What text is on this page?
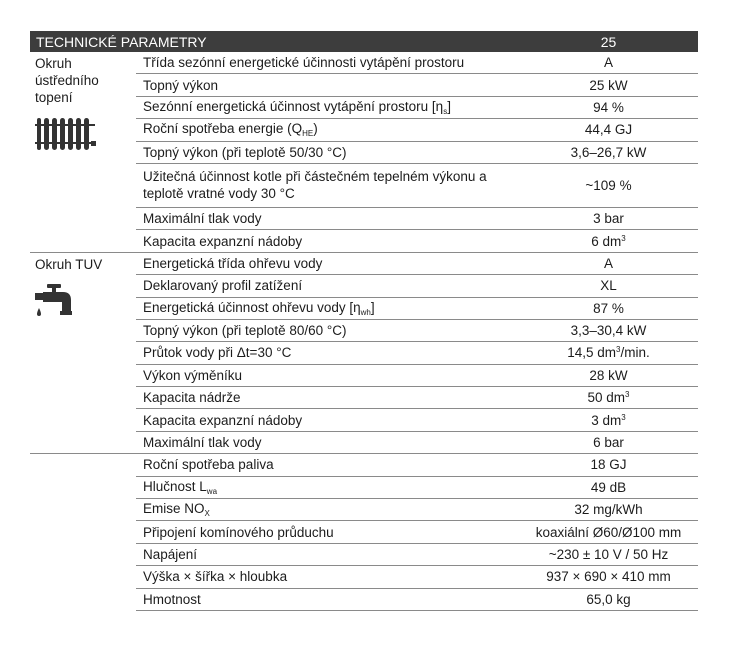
TECHNICKÉ PARAMETRY		25

Okruh ústředního topení	Třída sezónní energetické účinnosti vytápění prostoru	A
	Topný výkon	25 kW
	Sezónní energetická účinnost vytápění prostoru $[\eta_s]$	94 %
	Roční spotřeba energie $(Q_{HE})$	44,4 GJ
	Topný výkon (při teplotě 50/30 °C)	3,6–26,7 kW
	Užitečná účinnost kotle při částečném tepelném výkonu a teplotě vratné vody 30 °C	~109 %
	Maximální tlak vody	3 bar
	Kapacita expanzní nádoby	6 $dm^3$

Okruh TUV	Energetická třída ohřevu vody	A
	Deklarovaný profil zatížení	XL
	Energetická účinnost ohřevu vody $[\eta_{wh}]$	87 %
	Topný výkon (při teplotě 80/60 °C)	3,3–30,4 kW
	Průtok vody při Δt=30 °C	14,5 $dm^3/\min$.
	Výkon výměníku	28 kW
	Kapacita nádrže	50 $dm^3$
	Kapacita expanzní nádoby	3 $dm^3$
	Maximální tlak vody	6 bar
	Roční spotřeba paliva	18 GJ
	Hlučnost $L_{wa}$	49 dB
	Emise $NO_X$	32 mg/kWh
	Připojení komínového průduchu	koaxiální Ø60/Ø100 mm
	Napájení	~230 ± 10 V / 50 Hz
	Výška × šířka × hloubka	937 × 690 × 410 mm
	Hmotnost	65,0 kg
